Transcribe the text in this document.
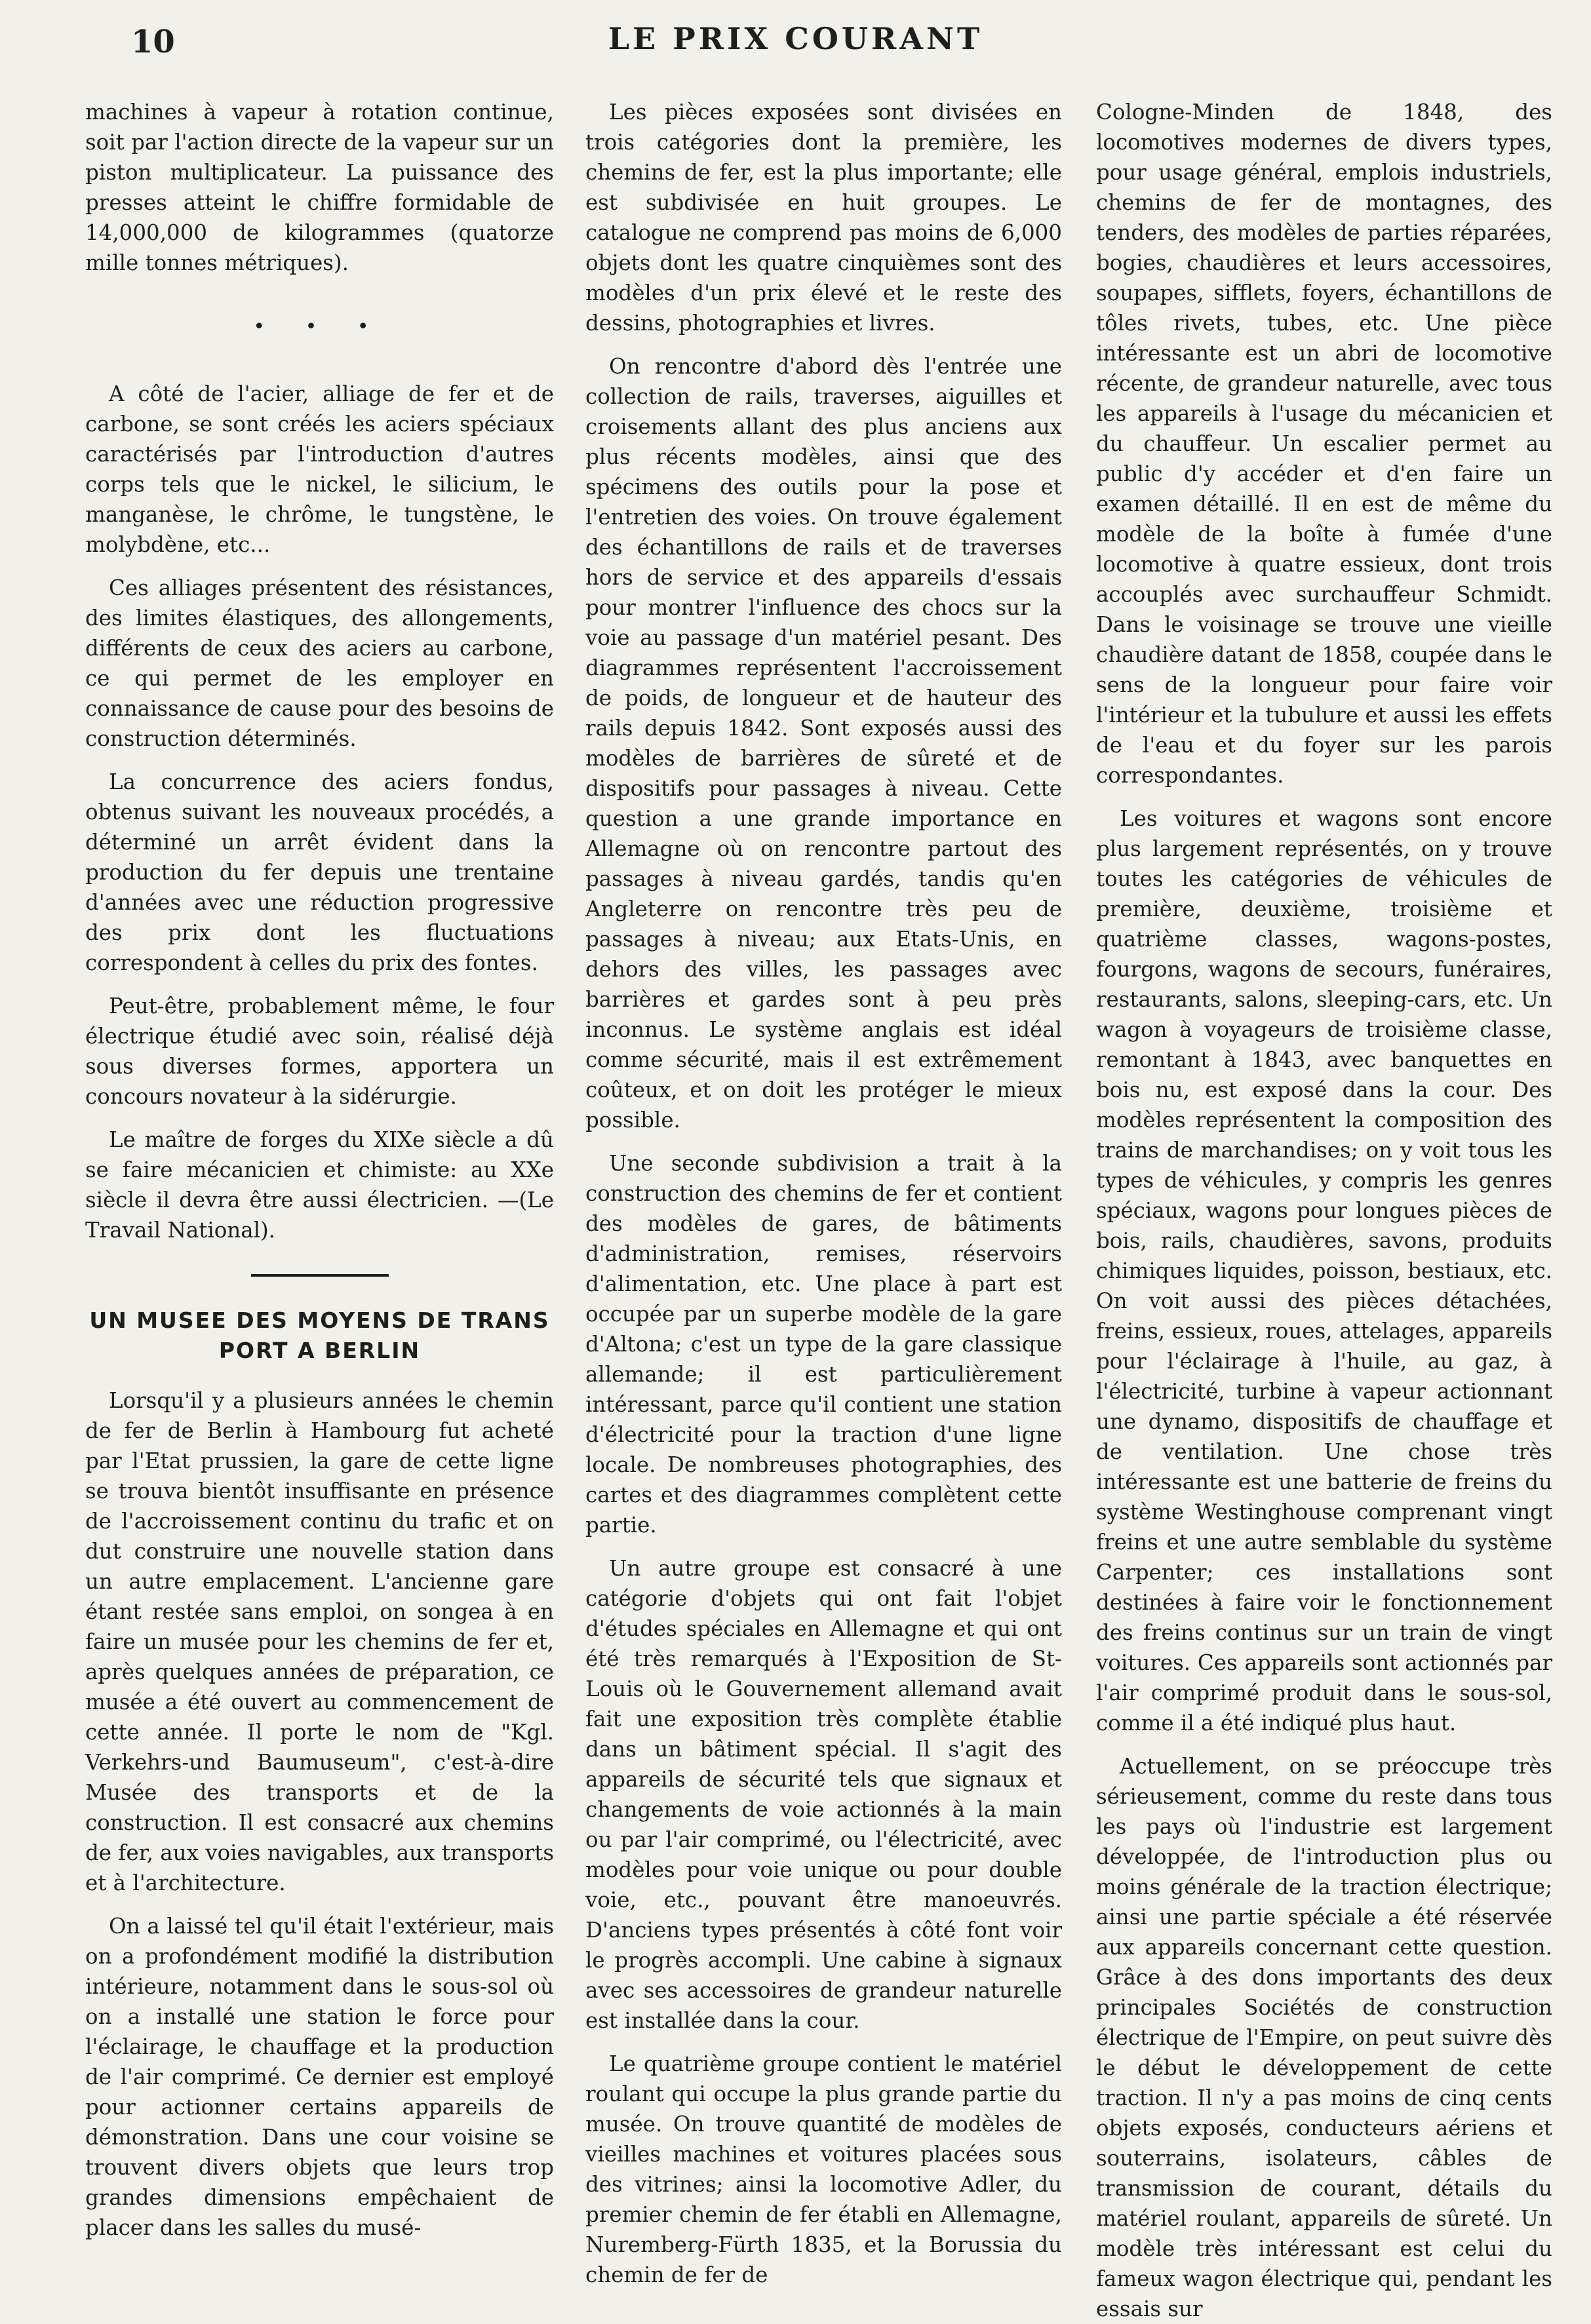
10	LE PRIX COURANT

machines à vapeur à rotation continue, soit par l'action directe de la vapeur sur un piston multiplicateur. La puissance des presses atteint le chiffre formidable de 14,000,000 de kilogrammes (quatorze mille tonnes métriques).

• • •

A côté de l'acier, alliage de fer et de carbone, se sont créés les aciers spéciaux caractérisés par l'introduction d'autres corps tels que le nickel, le silicium, le manganèse, le chrôme, le tungstène, le molybdène, etc...

Ces alliages présentent des résistances, des limites élastiques, des allongements, différents de ceux des aciers au carbone, ce qui permet de les employer en connaissance de cause pour des besoins de construction déterminés.

La concurrence des aciers fondus, obtenus suivant les nouveaux procédés, a déterminé un arrêt évident dans la production du fer depuis une trentaine d'années avec une réduction progressive des prix dont les fluctuations correspondent à celles du prix des fontes.

Peut-être, probablement même, le four électrique étudié avec soin, réalisé déjà sous diverses formes, apportera un concours novateur à la sidérurgie.

Le maître de forges du XIXe siècle a dû se faire mécanicien et chimiste: au XXe siècle il devra être aussi électricien. —(Le Travail National).

UN MUSEE DES MOYENS DE TRANS PORT A BERLIN

Lorsqu'il y a plusieurs années le chemin de fer de Berlin à Hambourg fut acheté par l'Etat prussien, la gare de cette ligne se trouva bientôt insuffisante en présence de l'accroissement continu du trafic et on dut construire une nouvelle station dans un autre emplacement. L'ancienne gare étant restée sans emploi, on songea à en faire un musée pour les chemins de fer et, après quelques années de préparation, ce musée a été ouvert au commencement de cette année. Il porte le nom de "Kgl. Verkehrs-und Baumuseum", c'est-à-dire Musée des transports et de la construction. Il est consacré aux chemins de fer, aux voies navigables, aux transports et à l'architecture.

On a laissé tel qu'il était l'extérieur, mais on a profondément modifié la distribution intérieure, notamment dans le sous-sol où on a installé une station le force pour l'éclairage, le chauffage et la production de l'air comprimé. Ce dernier est employé pour actionner certains appareils de démonstration. Dans une cour voisine se trouvent divers objets que leurs trop grandes dimensions empêchaient de placer dans les salles du musé-

Les pièces exposées sont divisées en trois catégories dont la première, les chemins de fer, est la plus importante; elle est subdivisée en huit groupes. Le catalogue ne comprend pas moins de 6,000 objets dont les quatre cinquièmes sont des modèles d'un prix élevé et le reste des dessins, photographies et livres.

On rencontre d'abord dès l'entrée une collection de rails, traverses, aiguilles et croisements allant des plus anciens aux plus récents modèles, ainsi que des spécimens des outils pour la pose et l'entretien des voies. On trouve également des échantillons de rails et de traverses hors de service et des appareils d'essais pour montrer l'influence des chocs sur la voie au passage d'un matériel pesant. Des diagrammes représentent l'accroissement de poids, de longueur et de hauteur des rails depuis 1842. Sont exposés aussi des modèles de barrières de sûreté et de dispositifs pour passages à niveau. Cette question a une grande importance en Allemagne où on rencontre partout des passages à niveau gardés, tandis qu'en Angleterre on rencontre très peu de passages à niveau; aux Etats-Unis, en dehors des villes, les passages avec barrières et gardes sont à peu près inconnus. Le système anglais est idéal comme sécurité, mais il est extrêmement coûteux, et on doit les protéger le mieux possible.

Une seconde subdivision a trait à la construction des chemins de fer et contient des modèles de gares, de bâtiments d'administration, remises, réservoirs d'alimentation, etc. Une place à part est occupée par un superbe modèle de la gare d'Altona; c'est un type de la gare classique allemande; il est particulièrement intéressant, parce qu'il contient une station d'électricité pour la traction d'une ligne locale. De nombreuses photographies, des cartes et des diagrammes complètent cette partie.

Un autre groupe est consacré à une catégorie d'objets qui ont fait l'objet d'études spéciales en Allemagne et qui ont été très remarqués à l'Exposition de St-Louis où le Gouvernement allemand avait fait une exposition très complète établie dans un bâtiment spécial. Il s'agit des appareils de sécurité tels que signaux et changements de voie actionnés à la main ou par l'air comprimé, ou l'électricité, avec modèles pour voie unique ou pour double voie, etc., pouvant être manoeuvrés. D'anciens types présentés à côté font voir le progrès accompli. Une cabine à signaux avec ses accessoires de grandeur naturelle est installée dans la cour.

Le quatrième groupe contient le matériel roulant qui occupe la plus grande partie du musée. On trouve quantité de modèles de vieilles machines et voitures placées sous des vitrines; ainsi la locomotive Adler, du premier chemin de fer établi en Allemagne, Nuremberg-Fürth 1835, et la Borussia du chemin de fer de

Cologne-Minden de 1848, des locomotives modernes de divers types, pour usage général, emplois industriels, chemins de fer de montagnes, des tenders, des modèles de parties réparées, bogies, chaudières et leurs accessoires, soupapes, sifflets, foyers, échantillons de tôles rivets, tubes, etc. Une pièce intéressante est un abri de locomotive récente, de grandeur naturelle, avec tous les appareils à l'usage du mécanicien et du chauffeur. Un escalier permet au public d'y accéder et d'en faire un examen détaillé. Il en est de même du modèle de la boîte à fumée d'une locomotive à quatre essieux, dont trois accouplés avec surchauffeur Schmidt. Dans le voisinage se trouve une vieille chaudière datant de 1858, coupée dans le sens de la longueur pour faire voir l'intérieur et la tubulure et aussi les effets de l'eau et du foyer sur les parois correspondantes.

Les voitures et wagons sont encore plus largement représentés, on y trouve toutes les catégories de véhicules de première, deuxième, troisième et quatrième classes, wagons-postes, fourgons, wagons de secours, funéraires, restaurants, salons, sleeping-cars, etc. Un wagon à voyageurs de troisième classe, remontant à 1843, avec banquettes en bois nu, est exposé dans la cour. Des modèles représentent la composition des trains de marchandises; on y voit tous les types de véhicules, y compris les genres spéciaux, wagons pour longues pièces de bois, rails, chaudières, savons, produits chimiques liquides, poisson, bestiaux, etc. On voit aussi des pièces détachées, freins, essieux, roues, attelages, appareils pour l'éclairage à l'huile, au gaz, à l'électricité, turbine à vapeur actionnant une dynamo, dispositifs de chauffage et de ventilation. Une chose très intéressante est une batterie de freins du système Westinghouse comprenant vingt freins et une autre semblable du système Carpenter; ces installations sont destinées à faire voir le fonctionnement des freins continus sur un train de vingt voitures. Ces appareils sont actionnés par l'air comprimé produit dans le sous-sol, comme il a été indiqué plus haut.

Actuellement, on se préoccupe très sérieusement, comme du reste dans tous les pays où l'industrie est largement développée, de l'introduction plus ou moins générale de la traction électrique; ainsi une partie spéciale a été réservée aux appareils concernant cette question. Grâce à des dons importants des deux principales Sociétés de construction électrique de l'Empire, on peut suivre dès le début le développement de cette traction. Il n'y a pas moins de cinq cents objets exposés, conducteurs aériens et souterrains, isolateurs, câbles de transmission de courant, détails du matériel roulant, appareils de sûreté. Un modèle très intéressant est celui du fameux wagon électrique qui, pendant les essais sur
